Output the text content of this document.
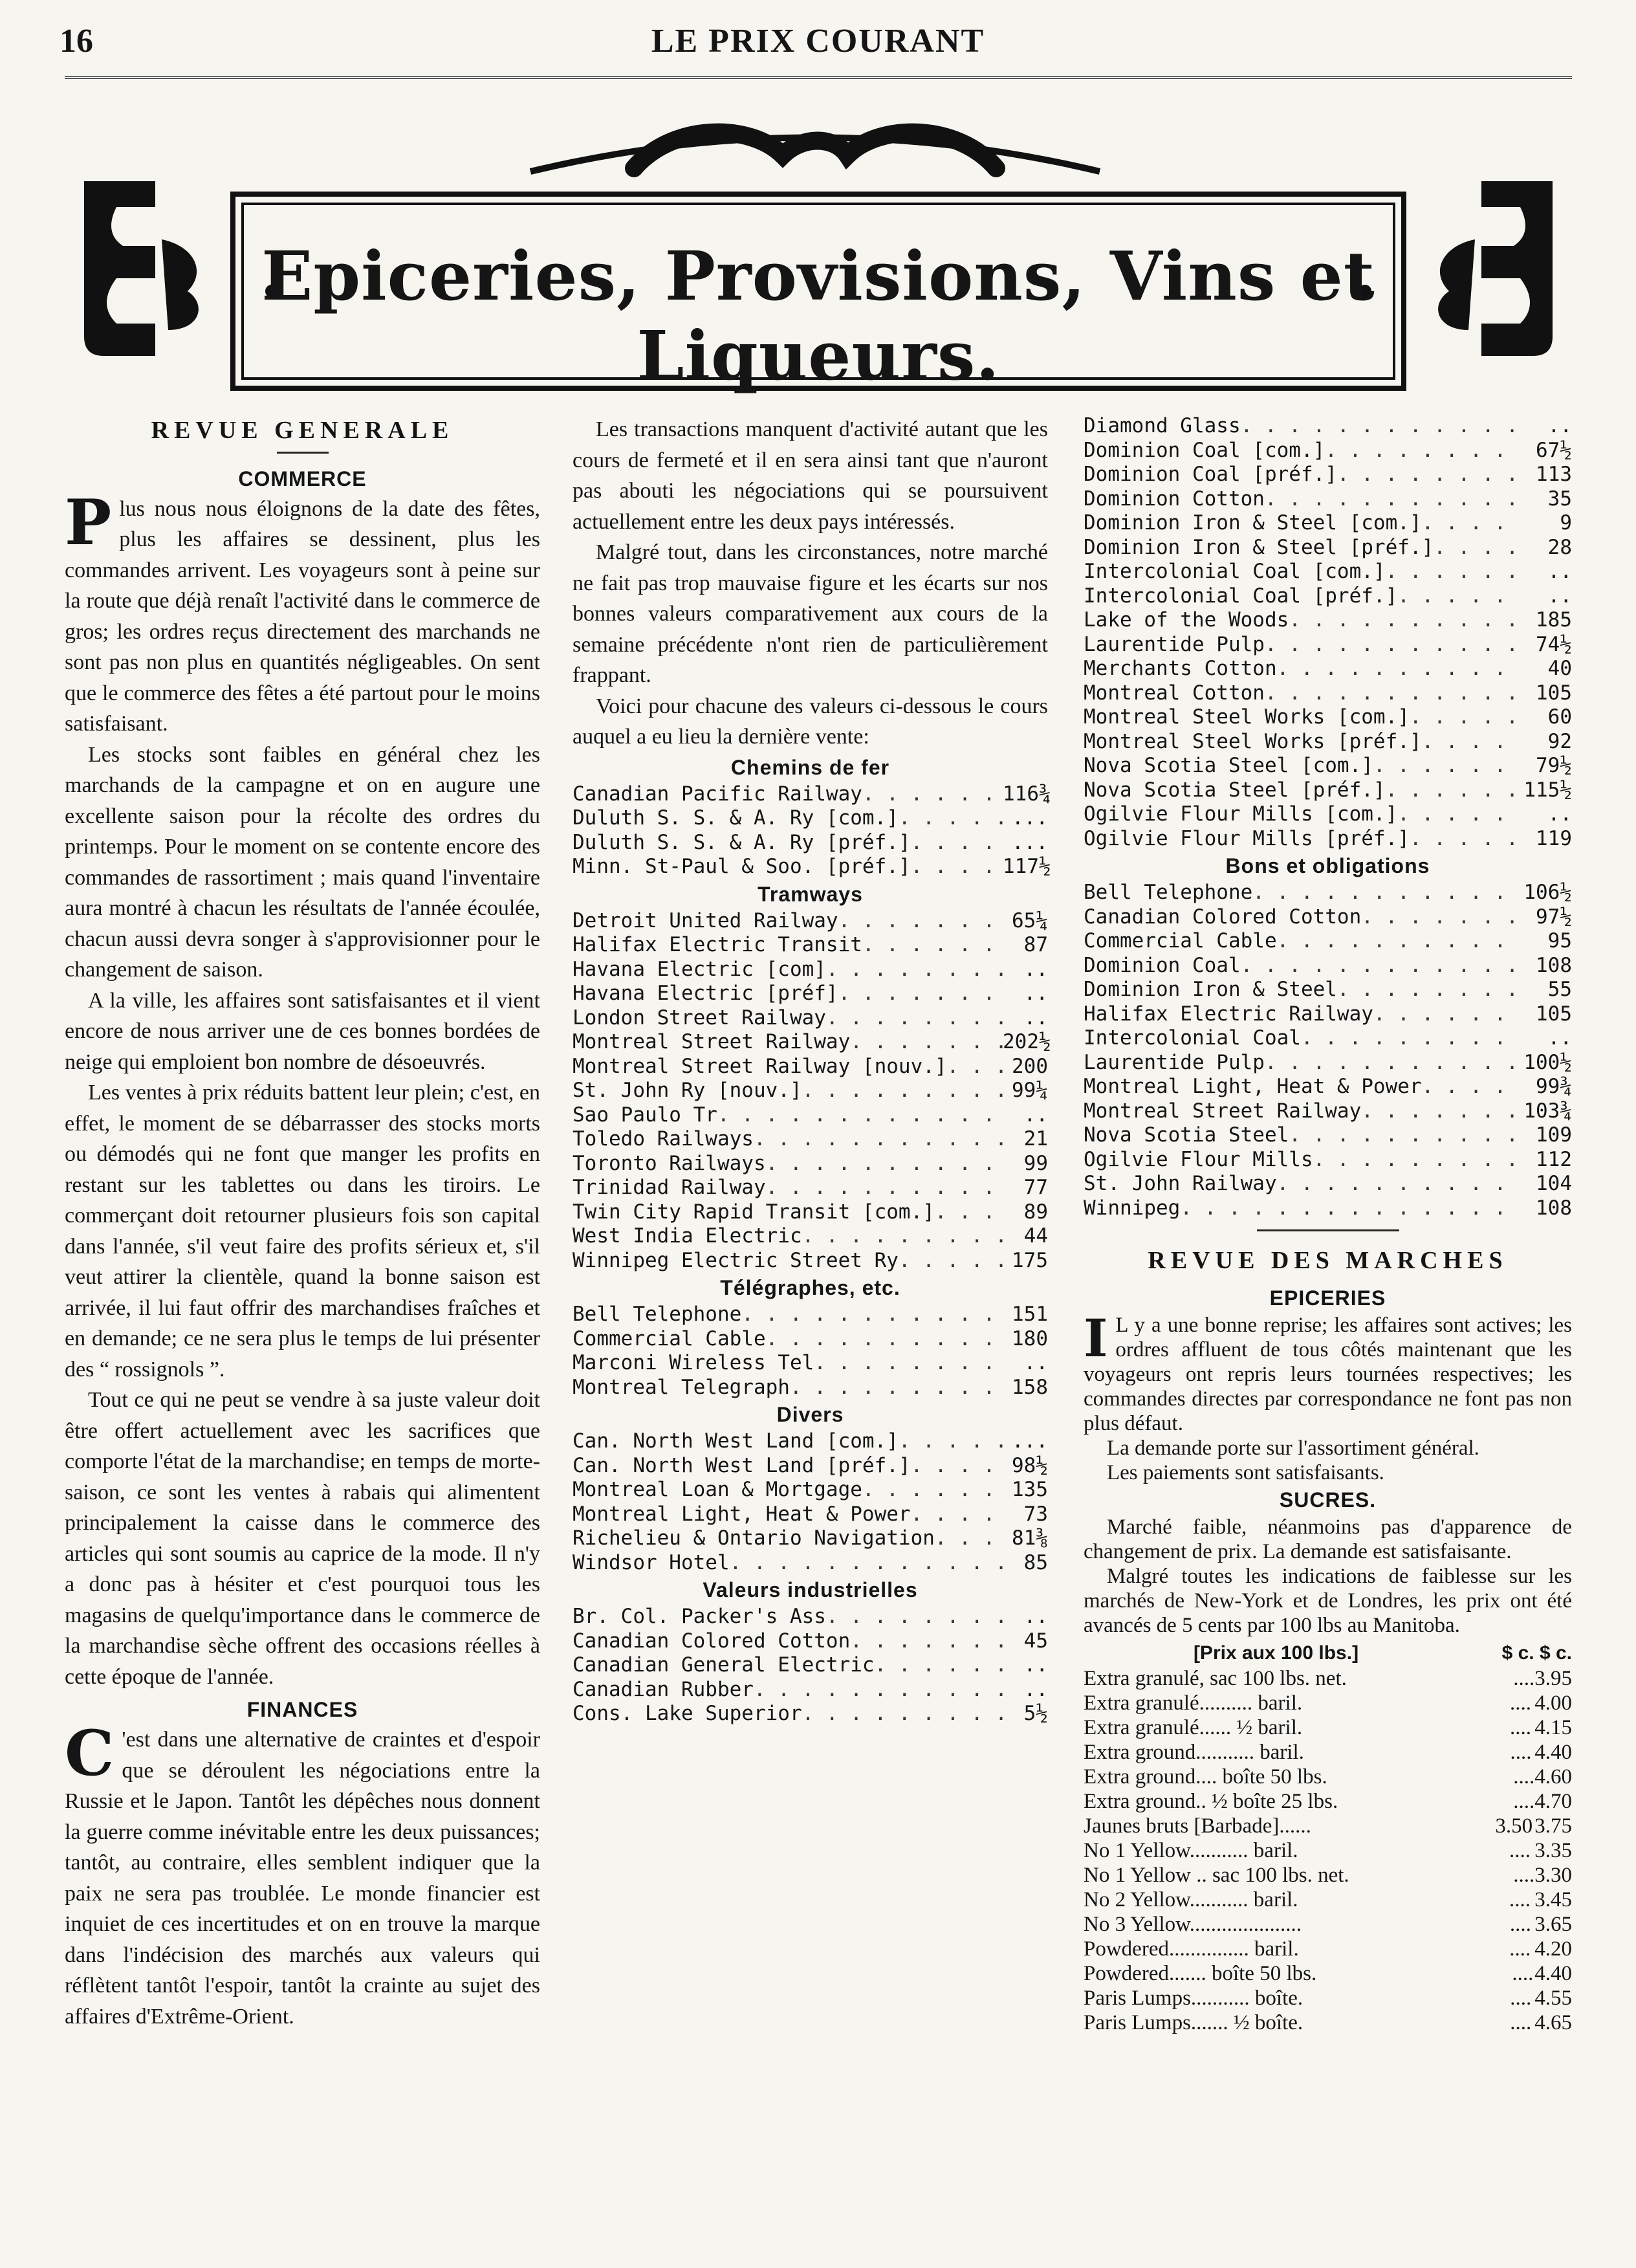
16	LE PRIX COURANT
Epiceries, Provisions, Vins et Liqueurs.
REVUE GENERALE
COMMERCE

Plus nous nous éloignons de la date des fêtes, plus les affaires se dessinent, plus les commandes arrivent. Les voyageurs sont à peine sur la route que déjà renaît l'activité dans le commerce de gros; les ordres reçus directement des marchands ne sont pas non plus en quantités négligeables. On sent que le commerce des fêtes a été partout pour le moins satisfaisant.

Les stocks sont faibles en général chez les marchands de la campagne et on en augure une excellente saison pour la récolte des ordres du printemps. Pour le moment on se contente encore des commandes de rassortiment ; mais quand l'inventaire aura montré à chacun les résultats de l'année écoulée, chacun aussi devra songer à s'approvisionner pour le changement de saison.

A la ville, les affaires sont satisfaisantes et il vient encore de nous arriver une de ces bonnes bordées de neige qui emploient bon nombre de désoeuvrés.

Les ventes à prix réduits battent leur plein; c'est, en effet, le moment de se débarrasser des stocks morts ou démodés qui ne font que manger les profits en restant sur les tablettes ou dans les tiroirs. Le commerçant doit retourner plusieurs fois son capital dans l'année, s'il veut faire des profits sérieux et, s'il veut attirer la clientèle, quand la bonne saison est arrivée, il lui faut offrir des marchandises fraîches et en demande; ce ne sera plus le temps de lui présenter des “ rossignols ”.

Tout ce qui ne peut se vendre à sa juste valeur doit être offert actuellement avec les sacrifices que comporte l'état de la marchandise; en temps de morte-saison, ce sont les ventes à rabais qui alimentent principalement la caisse dans le commerce des articles qui sont soumis au caprice de la mode. Il n'y a donc pas à hésiter et c'est pourquoi tous les magasins de quelqu'importance dans le commerce de la marchandise sèche offrent des occasions réelles à cette époque de l'année.

FINANCES

C 'est dans une alternative de craintes et d'espoir que se déroulent les négociations entre la Russie et le Japon. Tantôt les dépêches nous donnent la guerre comme inévitable entre les deux puissances; tantôt, au contraire, elles semblent indiquer que la paix ne sera pas troublée. Le monde financier est inquiet de ces incertitudes et on en trouve la marque dans l'indécision des marchés aux valeurs qui réflètent tantôt l'espoir, tantôt la crainte au sujet des affaires d'Extrême-Orient.

Les transactions manquent d'activité autant que les cours de fermeté et il en sera ainsi tant que n'auront pas abouti les négociations qui se poursuivent actuellement entre les deux pays intéressés.

Malgré tout, dans les circonstances, notre marché ne fait pas trop mauvaise figure et les écarts sur nos bonnes valeurs comparativement aux cours de la semaine précédente n'ont rien de particulièrement frappant.

Voici pour chacune des valeurs ci-dessous le cours auquel a eu lieu la dernière vente:

Chemins de fer
Canadian Pacific Railway . . .	116¾
Duluth S. S. & A. Ry [com.] . . .	...
Duluth S. S. & A. Ry [préf.] . . .	...
Minn. St-Paul & Soo. [préf.] . . .	117½
Tramways
Detroit United Railway . . .	65¼
Halifax Electric Transit . . .	87
Havana Electric [com] . . .	..
Havana Electric [préf] . . .	..
London Street Railway . . .	..
Montreal Street Railway . . .	202½
Montreal Street Railway [nouv.] . . .	200
St. John Ry [nouv.] . . .	99¼
Sao Paulo Tr . . .	..
Toledo Railways . . .	21
Toronto Railways . . .	99
Trinidad Railway . . .	77
Twin City Rapid Transit [com.] . . .	89
West India Electric . . .	44
Winnipeg Electric Street Ry . . .	175
Télégraphes, etc.
Bell Telephone . . .	151
Commercial Cable . . .	180
Marconi Wireless Tel . . .	..
Montreal Telegraph . . .	158
Divers
Can. North West Land [com.] . . .	...
Can. North West Land [préf.] . . .	98½
Montreal Loan & Mortgage . . .	135
Montreal Light, Heat & Power . . .	73
Richelieu & Ontario Navigation . . .	81⅜
Windsor Hotel . . .	85
Valeurs industrielles
Br. Col. Packer's Ass . . .	..
Canadian Colored Cotton . . .	45
Canadian General Electric . . .	..
Canadian Rubber . . .	..
Cons. Lake Superior . . .	5½
Diamond Glass . . .	..
Dominion Coal [com.] . . .	67½
Dominion Coal [préf.] . . .	113
Dominion Cotton . . .	35
Dominion Iron & Steel [com.] . . .	9
Dominion Iron & Steel [préf.] . . .	28
Intercolonial Coal [com.] . . .	..
Intercolonial Coal [préf.] . . .	..
Lake of the Woods . . .	185
Laurentide Pulp . . .	74½
Merchants Cotton . . .	40
Montreal Cotton . . .	105
Montreal Steel Works [com.] . . .	60
Montreal Steel Works [préf.] . . .	92
Nova Scotia Steel [com.] . . .	79½
Nova Scotia Steel [préf.] . . .	115½
Ogilvie Flour Mills [com.] . . .	..
Ogilvie Flour Mills [préf.] . . .	119
Bons et obligations
Bell Telephone . . .	106½
Canadian Colored Cotton . . .	97½
Commercial Cable . . .	95
Dominion Coal . . .	108
Dominion Iron & Steel . . .	55
Halifax Electric Railway . . .	105
Intercolonial Coal . . .	..
Laurentide Pulp . . .	100½
Montreal Light, Heat & Power . . .	99¾
Montreal Street Railway . . .	103¾
Nova Scotia Steel . . .	109
Ogilvie Flour Mills . . .	112
St. John Railway . . .	104
Winnipeg . . .	108
REVUE DES MARCHES
EPICERIES

I L y a une bonne reprise; les affaires sont actives; les ordres affluent de tous côtés maintenant que les voyageurs ont repris leurs tournées respectives; les commandes directes par correspondance ne font pas non plus défaut.

La demande porte sur l'assortiment général.

Les paiements sont satisfaisants.

SUCRES.

Marché faible, néanmoins pas d'apparence de changement de prix. La demande est satisfaisante.

Malgré toutes les indications de faiblesse sur les marchés de New-York et de Londres, les prix ont été avancés de 5 cents par 100 lbs au Manitoba.

[Prix aux 100 lbs.]	$ c. $ c.
Extra granulé, sac 100 lbs. net.	.... 3.95
Extra granulé.......... baril.	.... 4.00
Extra granulé...... ½ baril.	.... 4.15
Extra ground........... baril.	.... 4.40
Extra ground.... boîte 50 lbs.	.... 4.60
Extra ground.. ½ boîte 25 lbs.	.... 4.70
Jaunes bruts [Barbade]......	3.50 3.75
No 1 Yellow........... baril.	.... 3.35
No 1 Yellow .. sac 100 lbs. net.	.... 3.30
No 2 Yellow........... baril.	.... 3.45
No 3 Yellow.....................	.... 3.65
Powdered............... baril.	.... 4.20
Powdered....... boîte 50 lbs.	.... 4.40
Paris Lumps........... boîte.	.... 4.55
Paris Lumps....... ½ boîte.	.... 4.65
